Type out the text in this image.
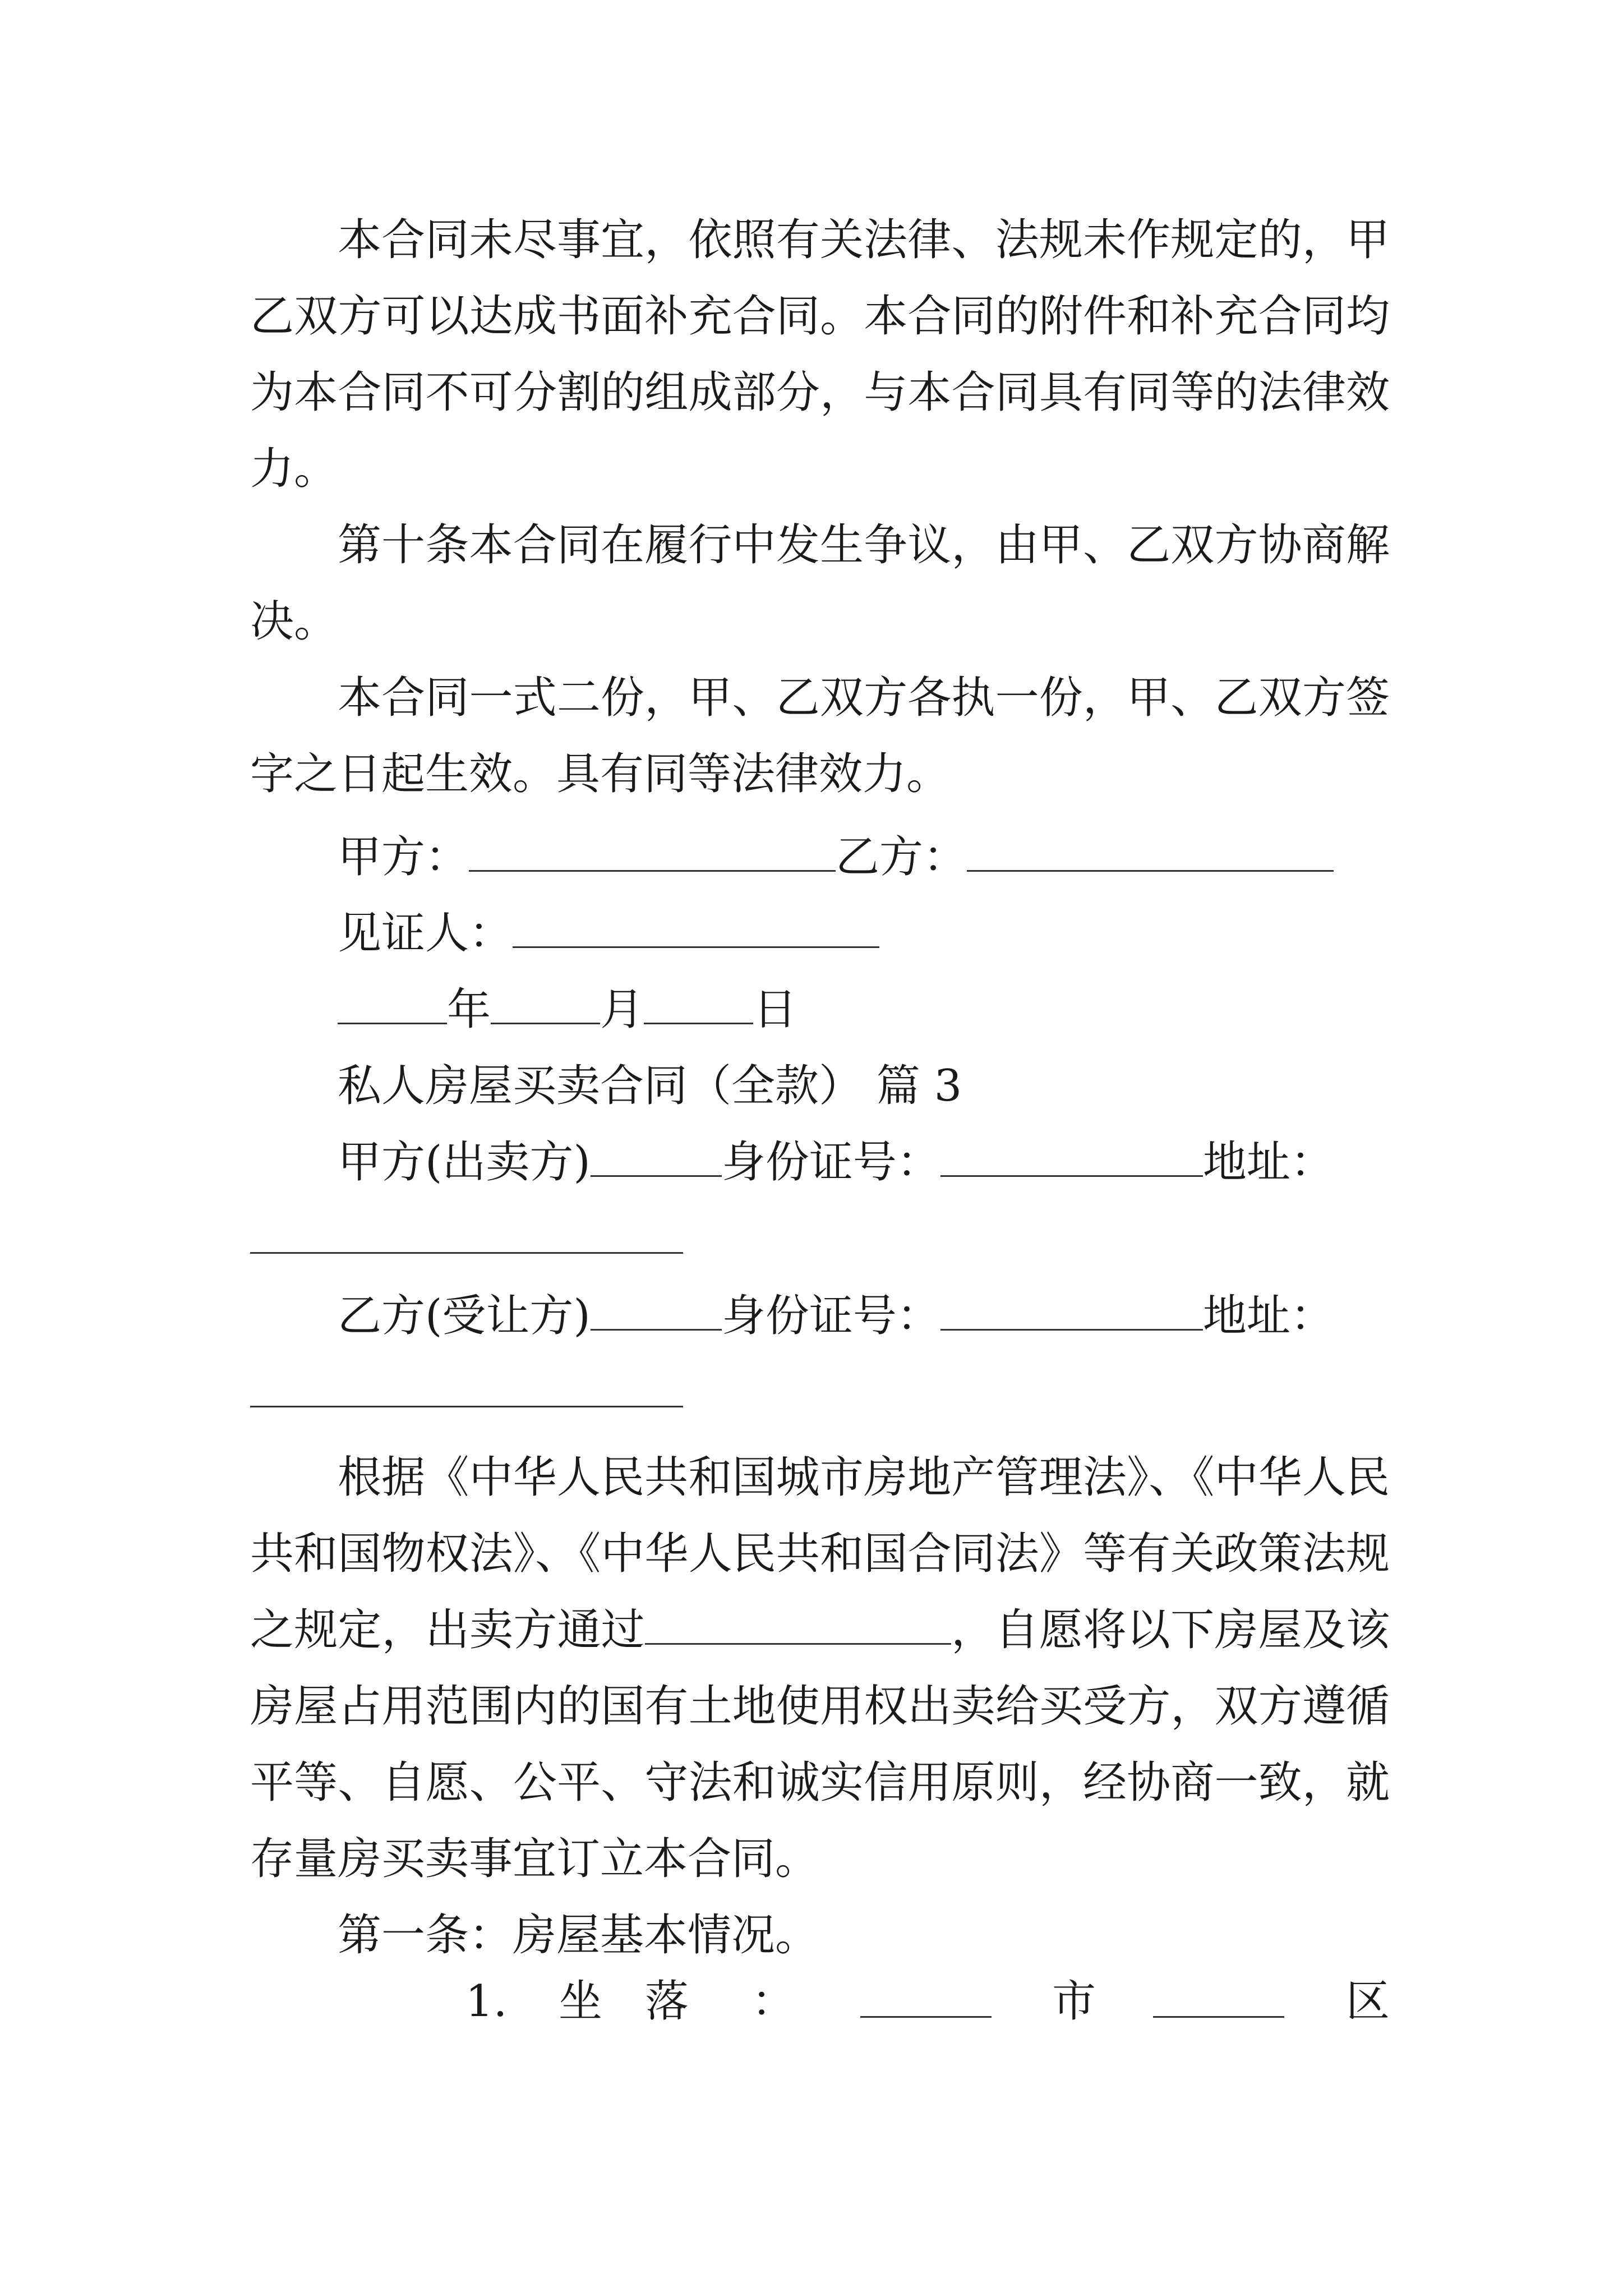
本合同未尽事宜，依照有关法律、法规未作规定的，甲乙双方可以达成书面补充合同。本合同的附件和补充合同均为本合同不可分割的组成部分，与本合同具有同等的法律效力。

第十条本合同在履行中发生争议，由甲、乙双方协商解决。

本合同一式二份，甲、乙双方各执一份，甲、乙双方签字之日起生效。具有同等法律效力。

甲方：	乙方：

见证人：

年	月	日

私人房屋买卖合同（全款） 篇 3

甲方(出卖方)	身份证号：	地址：

乙方(受让方)	身份证号：	地址：

根据《中华人民共和国城市房地产管理法》、《中华人民共和国物权法》、《中华人民共和国合同法》等有关政策法规之规定，出卖方通过	，自愿将以下房屋及该房屋占用范围内的国有土地使用权出卖给买受方，双方遵循平等、自愿、公平、守法和诚实信用原则，经协商一致，就存量房买卖事宜订立本合同。

第一条：房屋基本情况。

1. 坐 落 ：	市	区
